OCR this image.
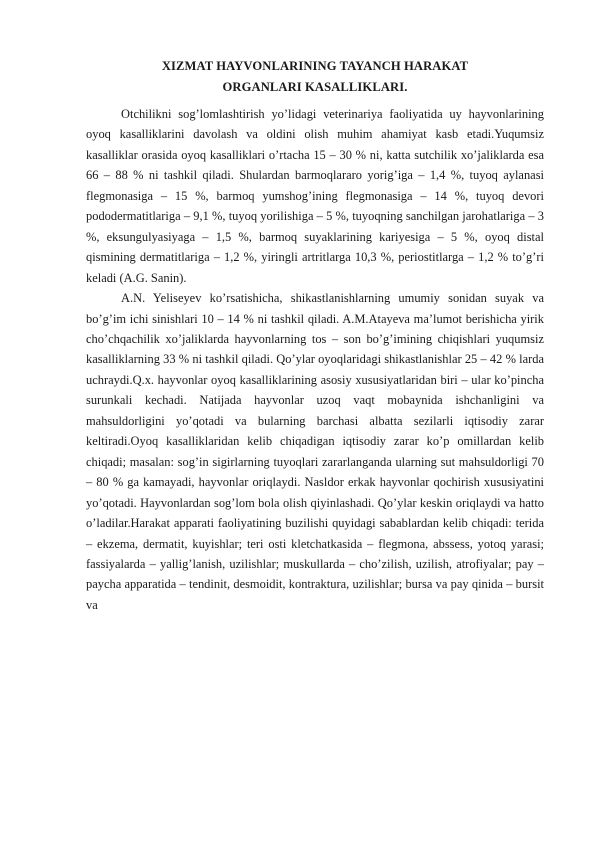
XIZMAT HAYVONLARINING TAYANCH HARAKAT
ORGANLARI KASALLIKLARI.

Otchilikni sog’lomlashtirish yo’lidagi veterinariya faoliyatida uy hayvonlarining oyoq kasalliklarini davolash va oldini olish muhim ahamiyat kasb etadi.Yuqumsiz kasalliklar orasida oyoq kasalliklari o’rtacha 15 – 30 % ni, katta sutchilik xo’jaliklarda esa 66 – 88 % ni tashkil qiladi. Shulardan barmoqlararo yorig’iga – 1,4 %, tuyoq aylanasi flegmonasiga – 15 %, barmoq yumshog’ining flegmonasiga – 14 %, tuyoq devori pododermatitlariga – 9,1 %, tuyoq yorilishiga – 5 %, tuyoqning sanchilgan jarohatlariga – 3 %, eksungulyasiyaga – 1,5 %, barmoq suyaklarining kariyesiga – 5 %, oyoq distal qismining dermatitlariga – 1,2 %, yiringli artritlarga 10,3 %, periostitlarga – 1,2 % to’g’ri keladi (A.G. Sanin).

A.N. Yeliseyev ko’rsatishicha, shikastlanishlarning umumiy sonidan suyak va bo’g’im ichi sinishlari 10 – 14 % ni tashkil qiladi. A.M.Atayeva ma’lumot berishicha yirik cho’chqachilik xo’jaliklarda hayvonlarning tos – son bo’g’imining chiqishlari yuqumsiz kasalliklarning 33 % ni tashkil qiladi. Qo’ylar oyoqlaridagi shikastlanishlar 25 – 42 % larda uchraydi.Q.x. hayvonlar oyoq kasalliklarining asosiy xususiyatlaridan biri – ular ko’pincha surunkali kechadi. Natijada hayvonlar uzoq vaqt mobaynida ishchanligini va mahsuldorligini yo’qotadi va bularning barchasi albatta sezilarli iqtisodiy zarar keltiradi.Oyoq kasalliklaridan kelib chiqadigan iqtisodiy zarar ko’p omillardan kelib chiqadi; masalan: sog’in sigirlarning tuyoqlari zararlanganda ularning sut mahsuldorligi 70 – 80 % ga kamayadi, hayvonlar oriqlaydi. Nasldor erkak hayvonlar qochirish xususiyatini yo’qotadi. Hayvonlardan sog’lom bola olish qiyinlashadi. Qo’ylar keskin oriqlaydi va hatto o’ladilar.Harakat apparati faoliyatining buzilishi quyidagi sabablardan kelib chiqadi: terida – ekzema, dermatit, kuyishlar; teri osti kletchatkasida – flegmona, abssess, yotoq yarasi; fassiyalarda – yallig’lanish, uzilishlar; muskullarda – cho’zilish, uzilish, atrofiyalar; pay – paycha apparatida – tendinit, desmoidit, kontraktura, uzilishlar; bursa va pay qinida – bursit va
